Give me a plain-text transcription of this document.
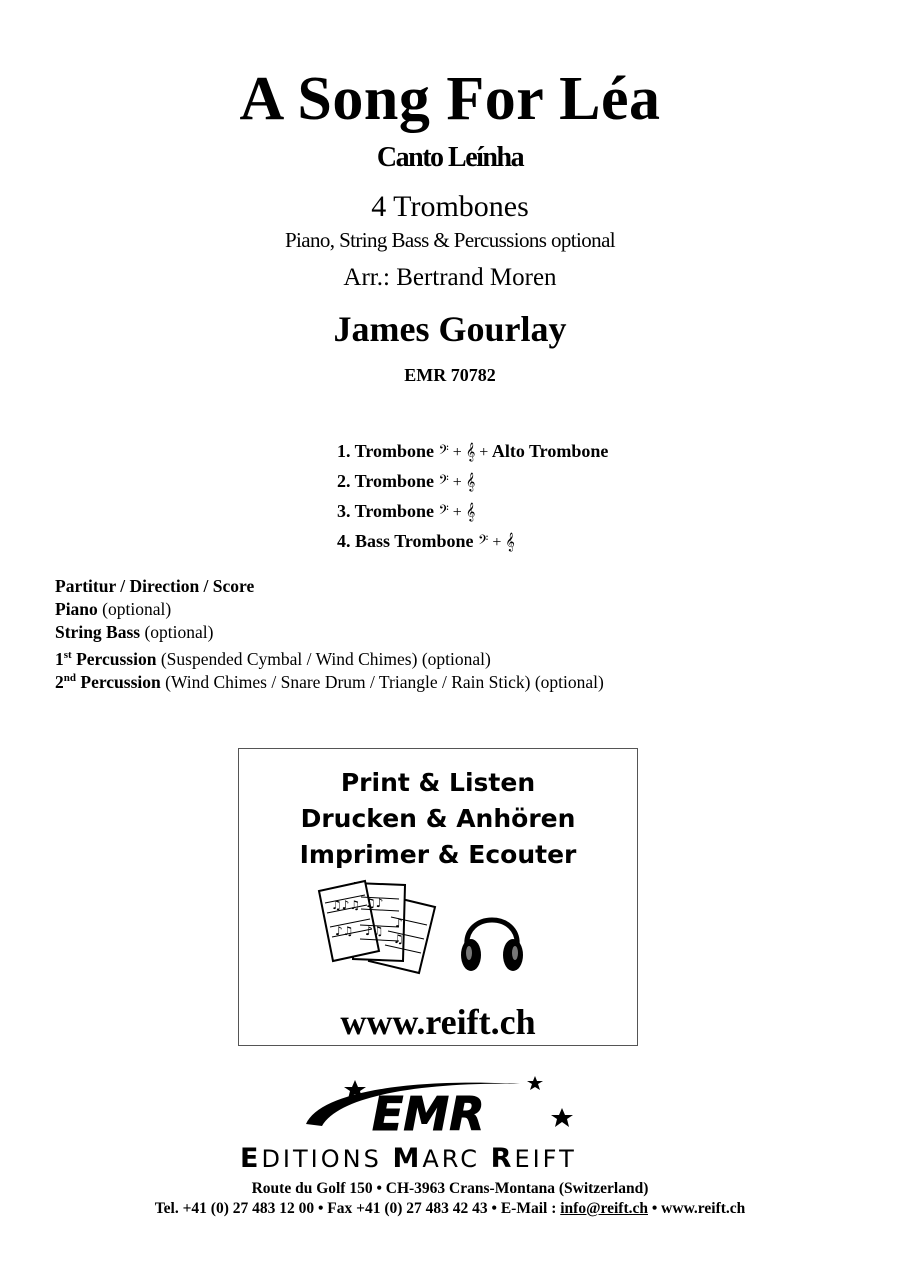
A Song For Léa
Canto Leínha
4 Trombones
Piano, String Bass & Percussions optional
Arr.: Bertrand Moren
James Gourlay
EMR 70782
1. Trombone 𝄢 + 𝄞 + Alto Trombone
2. Trombone 𝄢 + 𝄞
3. Trombone 𝄢 + 𝄞
4. Bass Trombone 𝄢 + 𝄞
Partitur / Direction / Score
Piano (optional)
String Bass (optional)
1st Percussion (Suspended Cymbal / Wind Chimes) (optional)
2nd Percussion (Wind Chimes / Snare Drum / Triangle / Rain Stick) (optional)
Print & Listen
Drucken & Anhören
Imprimer & Ecouter
♫♪♫
♪♫
♫♪
♪♫
♪
♫
www.reift.ch
EMR
EDITIONS MARC REIFT
Route du Golf 150 • CH-3963 Crans-Montana (Switzerland)
Tel. +41 (0) 27 483 12 00 • Fax +41 (0) 27 483 42 43 • E-Mail : info@reift.ch • www.reift.ch
